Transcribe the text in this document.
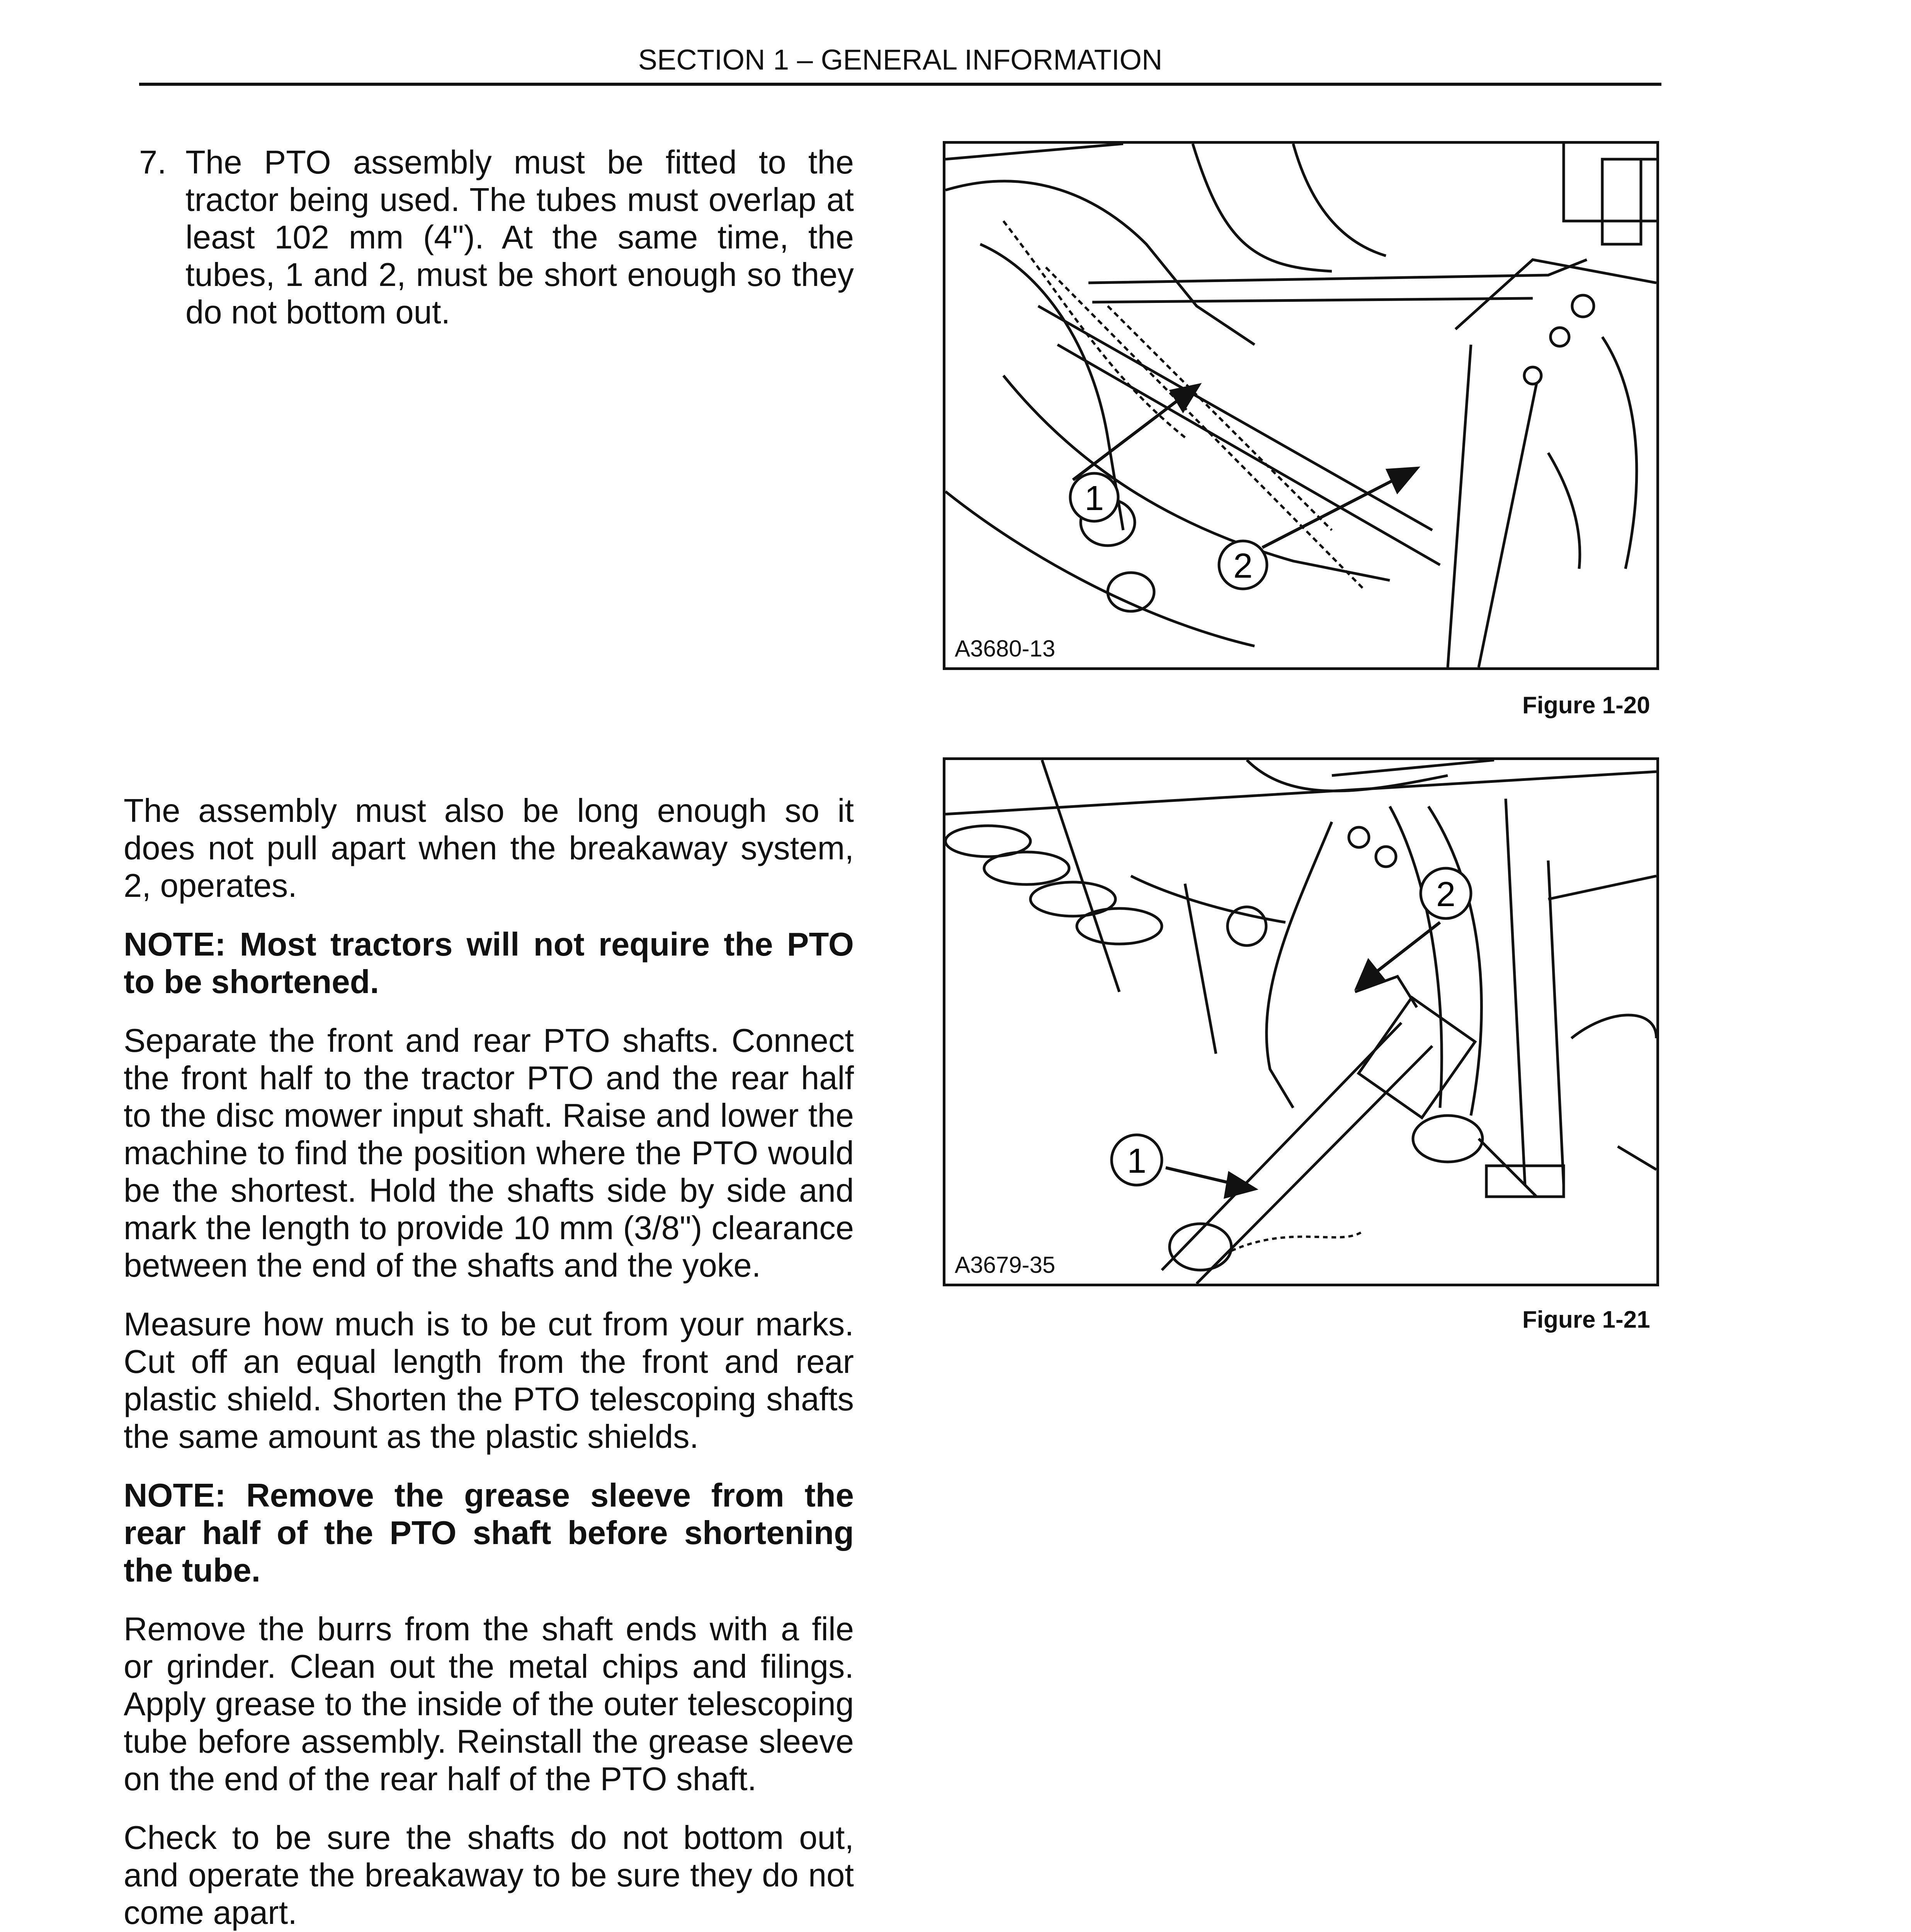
SECTION 1 – GENERAL INFORMATION
7. The PTO assembly must be fitted to the tractor being used. The tubes must overlap at least 102 mm (4"). At the same time, the tubes, 1 and 2, must be short enough so they do not bottom out.

The assembly must also be long enough so it does not pull apart when the breakaway system, 2, operates.

NOTE: Most tractors will not require the PTO to be shortened.

Separate the front and rear PTO shafts. Connect the front half to the tractor PTO and the rear half to the disc mower input shaft. Raise and lower the machine to find the position where the PTO would be the shortest. Hold the shafts side by side and mark the length to provide 10 mm (3/8") clearance between the end of the shafts and the yoke.

Measure how much is to be cut from your marks. Cut off an equal length from the front and rear plastic shield. Shorten the PTO telescoping shafts the same amount as the plastic shields.

NOTE: Remove the grease sleeve from the rear half of the PTO shaft before shortening the tube.

Remove the burrs from the shaft ends with a file or grinder. Clean out the metal chips and filings. Apply grease to the inside of the outer telescoping tube before assembly. Reinstall the grease sleeve on the end of the rear half of the PTO shaft.

Check to be sure the shafts do not bottom out, and operate the breakaway to be sure they do not come apart.

1
2
A3680-13
Figure 1-20
2
1
A3679-35
Figure 1-21
